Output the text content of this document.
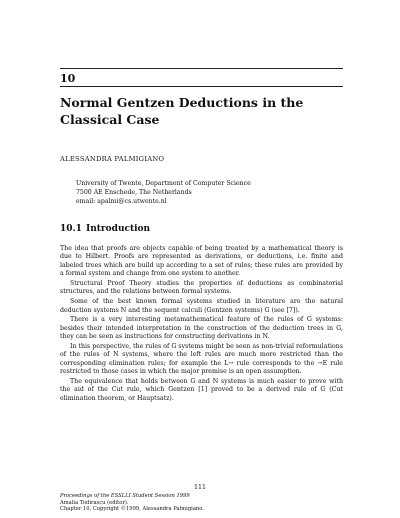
10
Normal Gentzen Deductions in the Classical Case
ALESSANDRA PALMIGIANO
University of Twente, Department of Computer Science
7500 AE Enschede, The Netherlands
email: apalmi@cs.utwente.nl
10.1 Introduction

The idea that proofs are objects capable of being treated by a mathematical theory is due to Hilbert. Proofs are represented as derivations, or deductions, i.e. finite and labeled trees which are build up according to a set of rules; these rules are provided by a formal system and change from one system to another.

Structural Proof Theory studies the properties of deductions as combinatorial structures, and the relations between formal systems.

Some of the best known formal systems studied in literature are the natural deduction systems N and the sequent calculi (Gentzen systems) G (see [7]).

There is a very interesting metamathematical feature of the rules of G systems: besides their intended interpretation in the construction of the deduction trees in G, they can be seen as instructions for constructing derivations in N.

In this perspective, the rules of G systems might be seen as non-trivial reformulations of the rules of N systems, where the left rules are much more restricted than the corresponding elimination rules; for example the L→ rule corresponds to the →E rule restricted to those cases in which the major premise is an open assumption.

The equivalence that holds between G and N systems is much easier to prove with the aid of the Cut rule, which Gentzen [1] proved to be a derived rule of G (Cut elimination theorem, or Hauptsatz).

111
Proceedings of the ESSLLI Student Session 1999
Amalia Todirascu (editor).
Chapter 10, Copyright ©1999, Alessandra Palmigiano.
